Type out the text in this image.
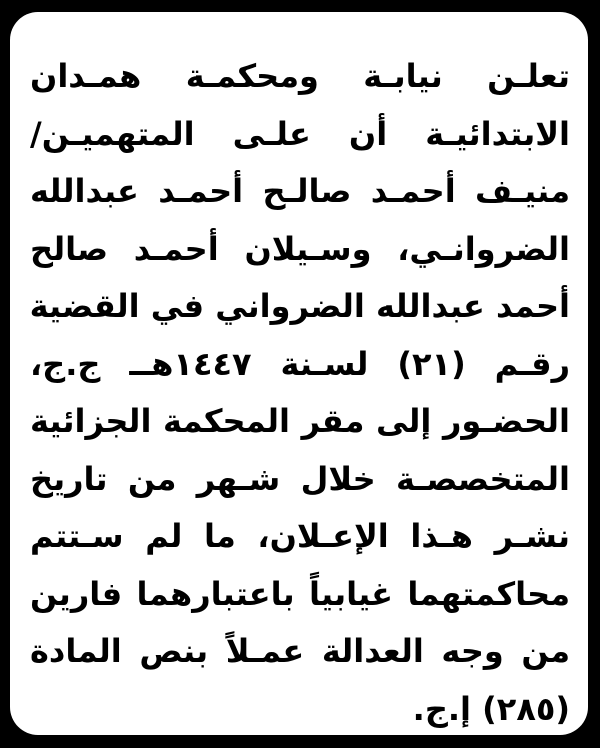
تعلـن نيابـة ومحكمـة همـدان
الابتدائيـة أن علـى المتهميـن/
منيـف أحمـد صالـح أحمـد عبدالله
الضروانـي، وسـيلان أحمـد صالح
أحمد عبدالله الضرواني في القضية
رقـم (٢١) لسـنة ١٤٤٧هــ ج.ج،
الحضـور إلى مقر المحكمة الجزائية
المتخصصـة خلال شـهر من تاريخ
نشـر هـذا الإعـلان، ما لم سـتتم
محاكمتهما غيابياً باعتبارهما فارين
من وجه العدالة عمـلاً بنص المادة
(٢٨٥) إ.ج.
